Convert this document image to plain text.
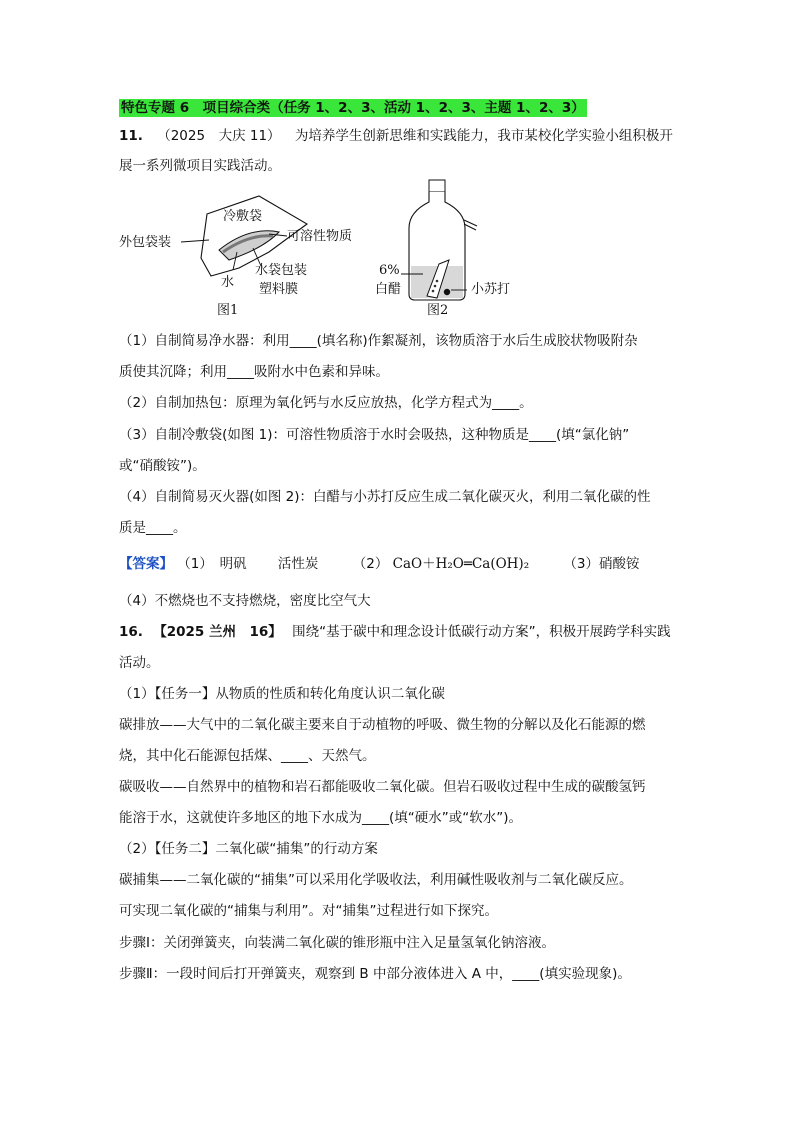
特色专题 6　项目综合类（任务 1、2、3、活动 1、2、3、主题 1、2、3）
11. （2025　大庆 11） 为培养学生创新思维和实践能力，我市某校化学实验小组积极开
展一系列微项目实践活动。
冷敷袋
外包袋装	可溶性物质
水
水袋包装
塑料膜
图1
6%
白醋	小苏打
图2
（1）自制简易净水器：利用____(填名称)作絮凝剂，该物质溶于水后生成胶状物吸附杂
质使其沉降；利用____吸附水中色素和异味。
（2）自制加热包：原理为氧化钙与水反应放热，化学方程式为____。
（3）自制冷敷袋(如图 1)：可溶性物质溶于水时会吸热，这种物质是____(填“氯化钠”
或“硝酸铵”)。
（4）自制简易灭火器(如图 2)：白醋与小苏打反应生成二氧化碳灭火，利用二氧化碳的性
质是____。
【答案】 （1）　明矾　　 活性炭	（2） CaO＋H₂O═Ca(OH)₂	（3）硝酸铵
（4）不燃烧也不支持燃烧，密度比空气大
16. 【2025 兰州　16】 围绕“基于碳中和理念设计低碳行动方案”，积极开展跨学科实践
活动。
（1）【任务一】从物质的性质和转化角度认识二氧化碳
碳排放——大气中的二氧化碳主要来自于动植物的呼吸、微生物的分解以及化石能源的燃
烧，其中化石能源包括煤、____、天然气。
碳吸收——自然界中的植物和岩石都能吸收二氧化碳。但岩石吸收过程中生成的碳酸氢钙
能溶于水，这就使许多地区的地下水成为____(填“硬水”或“软水”)。
（2）【任务二】二氧化碳“捕集”的行动方案
碳捕集——二氧化碳的“捕集”可以采用化学吸收法，利用碱性吸收剂与二氧化碳反应。
可实现二氧化碳的“捕集与利用”。对“捕集”过程进行如下探究。
步骤Ⅰ：关闭弹簧夹，向装满二氧化碳的锥形瓶中注入足量氢氧化钠溶液。
步骤Ⅱ：一段时间后打开弹簧夹，观察到 B 中部分液体进入 A 中，____(填实验现象)。
